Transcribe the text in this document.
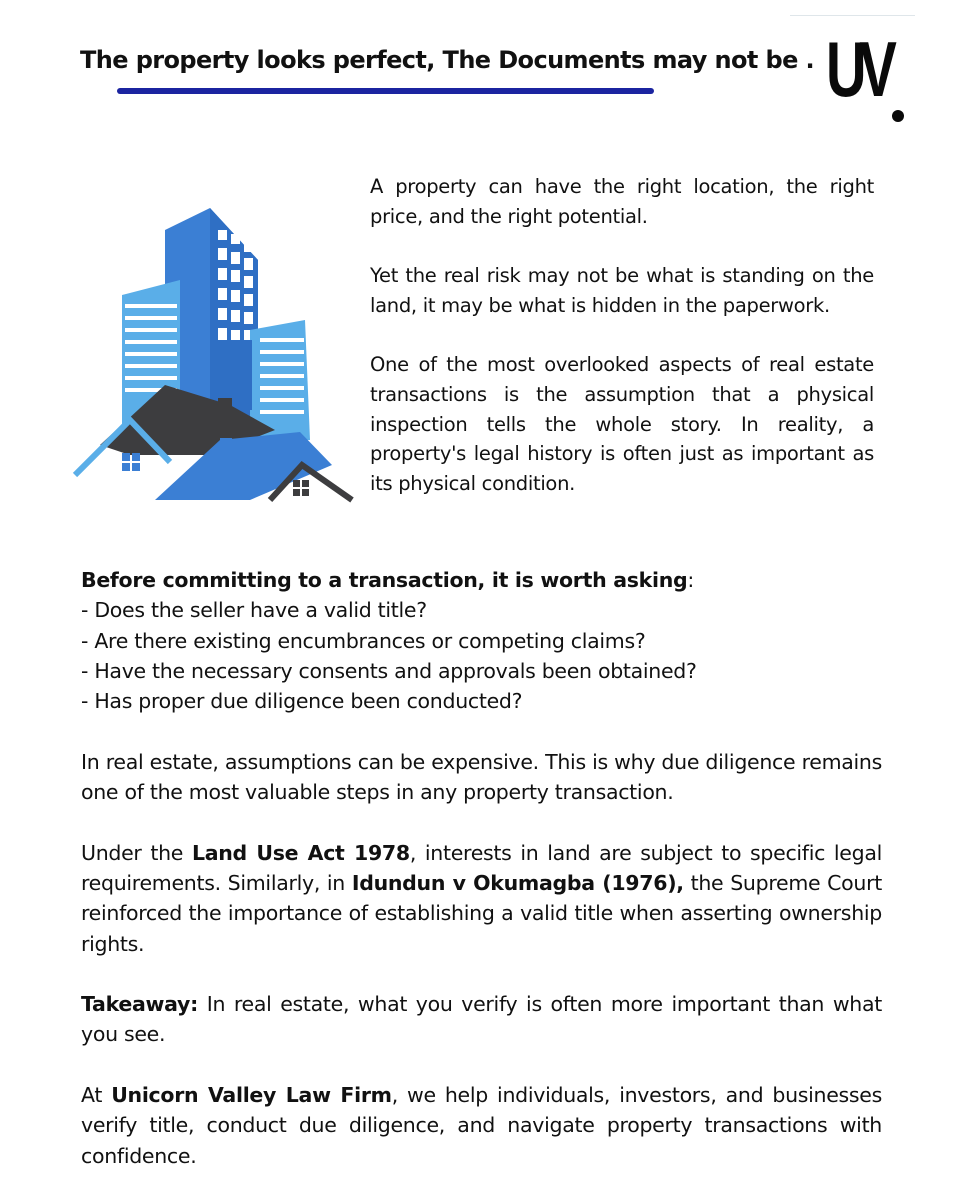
The property looks perfect, The Documents may not be . UV

A property can have the right location, the right price, and the right potential.

Yet the real risk may not be what is standing on the land, it may be what is hidden in the paperwork.

One of the most overlooked aspects of real estate transactions is the assumption that a physical inspection tells the whole story. In reality, a property's legal history is often just as important as its physical condition.

Before committing to a transaction, it is worth asking:
- Does the seller have a valid title?
- Are there existing encumbrances or competing claims?
- Have the necessary consents and approvals been obtained?
- Has proper due diligence been conducted?

In real estate, assumptions can be expensive. This is why due diligence remains one of the most valuable steps in any property transaction.

Under the Land Use Act 1978, interests in land are subject to specific legal requirements. Similarly, in Idundun v Okumagba (1976), the Supreme Court reinforced the importance of establishing a valid title when asserting ownership rights.

Takeaway: In real estate, what you verify is often more important than what you see.

At Unicorn Valley Law Firm, we help individuals, investors, and businesses verify title, conduct due diligence, and navigate property transactions with confidence.
